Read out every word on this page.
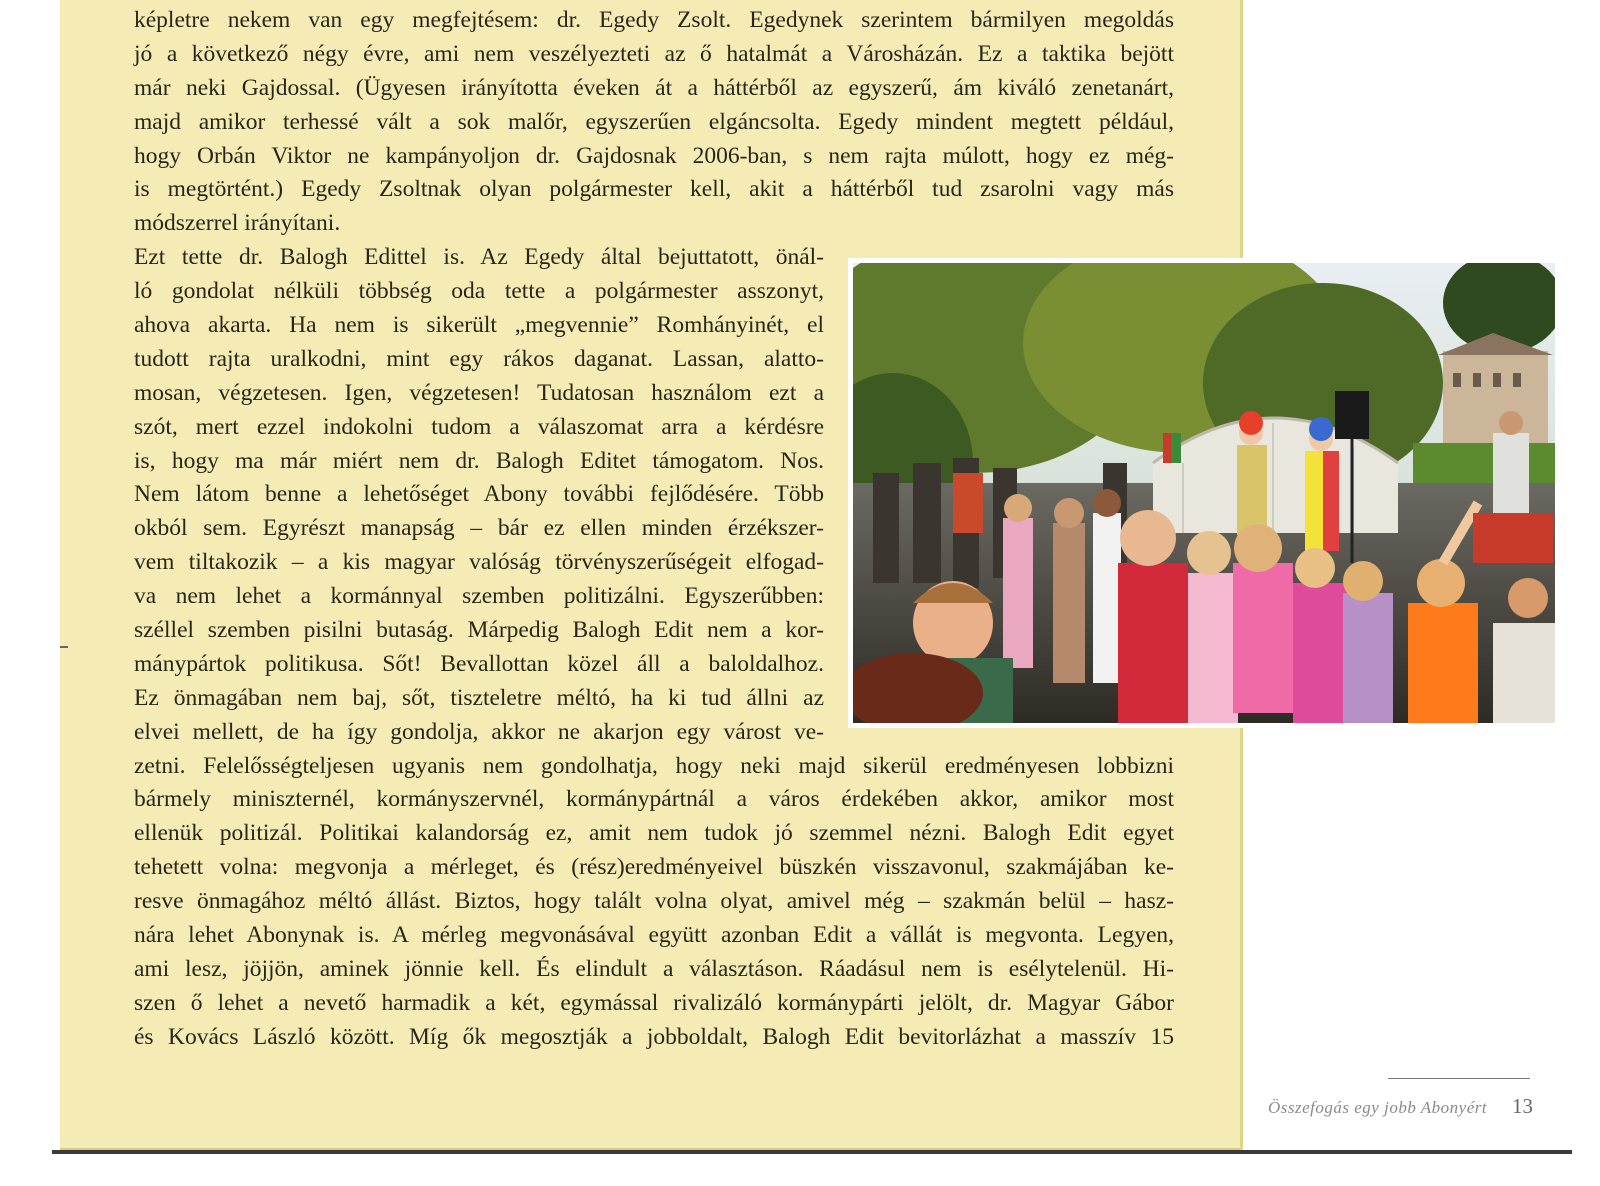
képletre nekem van egy megfejtésem: dr. Egedy Zsolt. Egedynek szerintem bármilyen megoldás
jó a következő négy évre, ami nem veszélyezteti az ő hatalmát a Városházán. Ez a taktika bejött
már neki Gajdossal. (Ügyesen irányította éveken át a háttérből az egyszerű, ám kiváló zenetanárt,
majd amikor terhessé vált a sok malőr, egyszerűen elgáncsolta. Egedy mindent megtett például,
hogy Orbán Viktor ne kampányoljon dr. Gajdosnak 2006-ban, s nem rajta múlott, hogy ez még-
is megtörtént.) Egedy Zsoltnak olyan polgármester kell, akit a háttérből tud zsarolni vagy más
módszerrel irányítani.
Ezt tette dr. Balogh Edittel is. Az Egedy által bejuttatott, önál-
ló gondolat nélküli többség oda tette a polgármester asszonyt,
ahova akarta. Ha nem is sikerült „megvennie” Romhányinét, el
tudott rajta uralkodni, mint egy rákos daganat. Lassan, alatto-
mosan, végzetesen. Igen, végzetesen! Tudatosan használom ezt a
szót, mert ezzel indokolni tudom a válaszomat arra a kérdésre
is, hogy ma már miért nem dr. Balogh Editet támogatom. Nos.
Nem látom benne a lehetőséget Abony további fejlődésére. Több
okból sem. Egyrészt manapság – bár ez ellen minden érzékszer-
vem tiltakozik – a kis magyar valóság törvényszerűségeit elfogad-
va nem lehet a kormánnyal szemben politizálni. Egyszerűbben:
széllel szemben pisilni butaság. Márpedig Balogh Edit nem a kor-
mánypártok politikusa. Sőt! Bevallottan közel áll a baloldalhoz.
Ez önmagában nem baj, sőt, tiszteletre méltó, ha ki tud állni az
elvei mellett, de ha így gondolja, akkor ne akarjon egy várost ve-
zetni. Felelősségteljesen ugyanis nem gondolhatja, hogy neki majd sikerül eredményesen lobbizni
bármely miniszternél, kormányszervnél, kormánypártnál a város érdekében akkor, amikor most
ellenük politizál. Politikai kalandorság ez, amit nem tudok jó szemmel nézni. Balogh Edit egyet
tehetett volna: megvonja a mérleget, és (rész)eredményeivel büszkén visszavonul, szakmájában ke-
resve önmagához méltó állást. Biztos, hogy talált volna olyat, amivel még – szakmán belül – hasz-
nára lehet Abonynak is. A mérleg megvonásával együtt azonban Edit a vállát is megvonta. Legyen,
ami lesz, jöjjön, aminek jönnie kell. És elindult a választáson. Ráadásul nem is esélytelenül. Hi-
szen ő lehet a nevető harmadik a két, egymással rivalizáló kormánypárti jelölt, dr. Magyar Gábor
és Kovács László között. Míg ők megosztják a jobboldalt, Balogh Edit bevitorlázhat a masszív 15
Összefogás egy jobb Abonyért 13
